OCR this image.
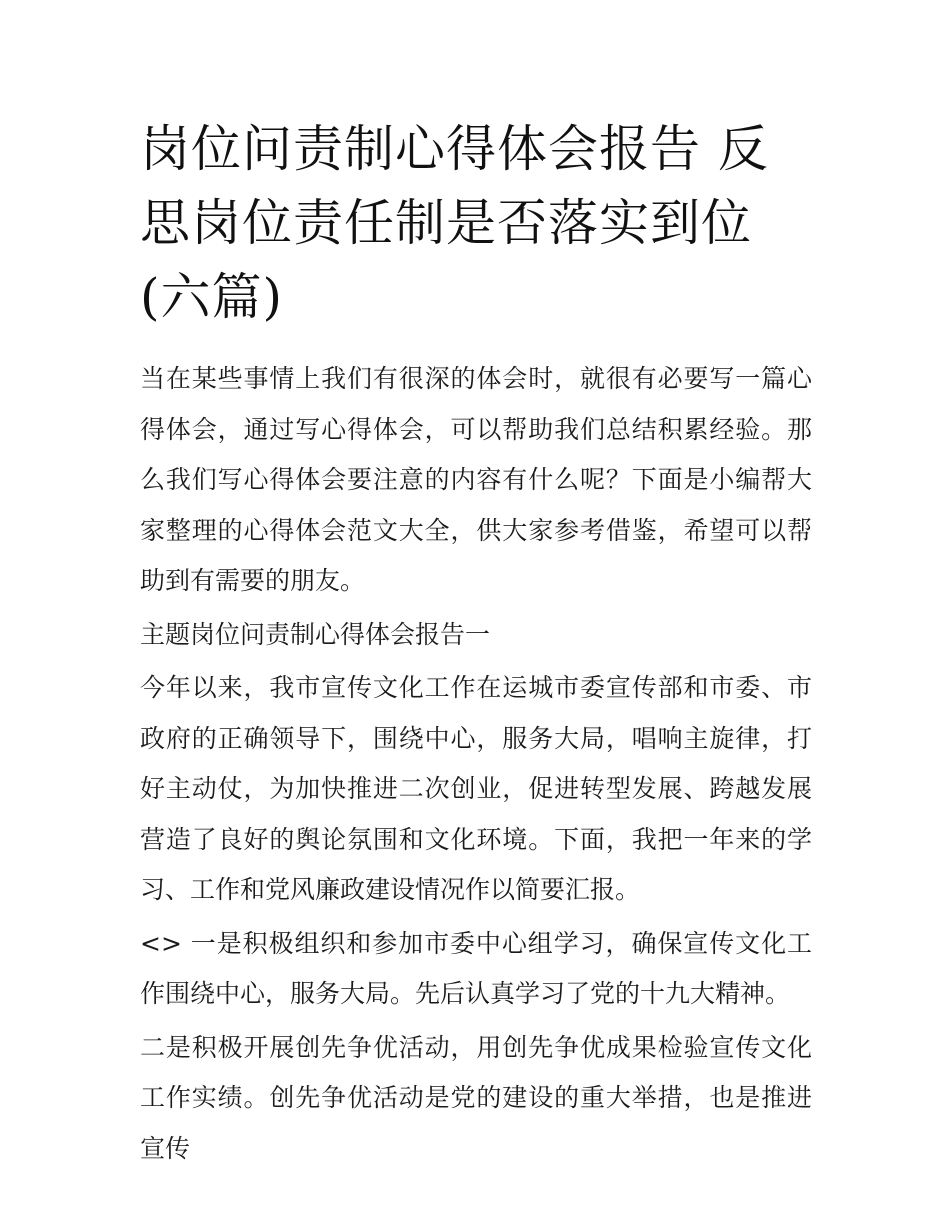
岗位问责制心得体会报告 反思岗位责任制是否落实到位(六篇)

当在某些事情上我们有很深的体会时，就很有必要写一篇心得体会，通过写心得体会，可以帮助我们总结积累经验。那么我们写心得体会要注意的内容有什么呢？下面是小编帮大家整理的心得体会范文大全，供大家参考借鉴，希望可以帮助到有需要的朋友。

主题岗位问责制心得体会报告一

今年以来，我市宣传文化工作在运城市委宣传部和市委、市政府的正确领导下，围绕中心，服务大局，唱响主旋律，打好主动仗，为加快推进二次创业，促进转型发展、跨越发展营造了良好的舆论氛围和文化环境。下面，我把一年来的学习、工作和党风廉政建设情况作以简要汇报。

<> 一是积极组织和参加市委中心组学习，确保宣传文化工作围绕中心，服务大局。先后认真学习了党的十九大精神。

二是积极开展创先争优活动，用创先争优成果检验宣传文化工作实绩。创先争优活动是党的建设的重大举措，也是推进宣传
